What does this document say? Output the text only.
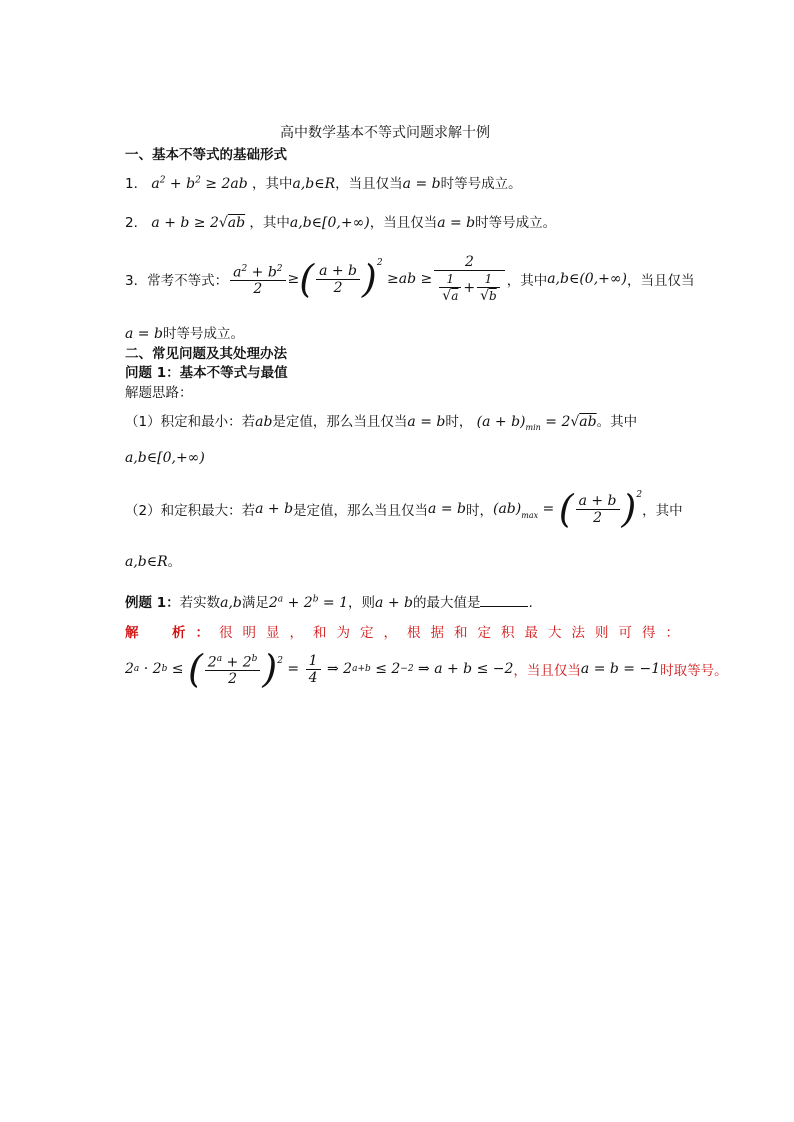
高中数学基本不等式问题求解十例
一、基本不等式的基础形式
1． $a^2 + b^2 \ge 2ab$ ，其中a,b∈R，当且仅当a = b时等号成立。
2． a + b ≥ 2√ab ，其中a,b∈[0,+∞)，当且仅当a = b时等号成立。
3． 常考不等式： $\frac{a^2 + b^2}{2}$ ≥ ( $\frac{a + b}{2} )^2$
≥ ab ≥ $\frac{2}{\frac{1}{√a} + \frac{1}{√b}}$ ，其中 a,b∈(0,+∞) ，当且仅当
a = b时等号成立。
二、常见问题及其处理办法
问题 1：基本不等式与最值
解题思路：
（1）积定和最小：若ab是定值，那么当且仅当a = b时， $(a + b)_{min} = 2√ab$。其中
a,b∈[0,+∞)
（2）和定积最大：若 a + b 是定值，那么当且仅当 a = b 时， (ab) max = ( $\frac{a + b}{2} )^2$
，其中
a,b∈R。
例题 1：若实数a,b满足$2^a + 2^b = 1$，则a + b的最大值是	.
解　析：很明显，和为定，根据和定积最大法则可得：
2 a · 2 b ≤ ( $\frac{2^a + 2^b}{2} )^2 = \frac{1}{4}$ ⇒ 2 a+b ≤ 2 −2 ⇒ a + b ≤ −2 ，当且仅当 a = b = −1 时取等号。
